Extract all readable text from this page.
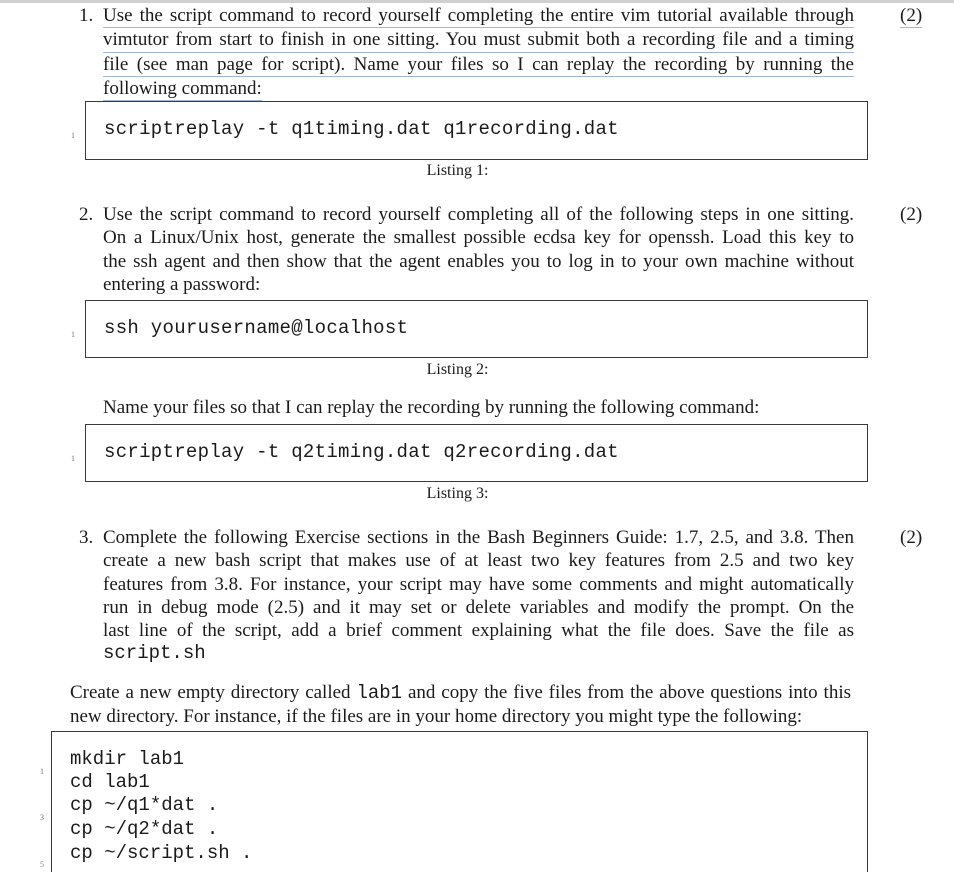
1. Use the script command to record yourself completing the entire vim tutorial available through
vimtutor from start to finish in one sitting. You must submit both a recording file and a timing
file (see man page for script). Name your files so I can replay the recording by running the
following command:
(2)
scriptreplay -t q1timing.dat q1recording.dat
1
Listing 1:
2. Use the script command to record yourself completing all of the following steps in one sitting.
On a Linux/Unix host, generate the smallest possible ecdsa key for openssh. Load this key to
the ssh agent and then show that the agent enables you to log in to your own machine without
entering a password:
(2)
ssh yourusername@localhost
1
Listing 2:
Name your files so that I can replay the recording by running the following command:
scriptreplay -t q2timing.dat q2recording.dat
1
Listing 3:
3. Complete the following Exercise sections in the Bash Beginners Guide: 1.7, 2.5, and 3.8. Then
create a new bash script that makes use of at least two key features from 2.5 and two key
features from 3.8. For instance, your script may have some comments and might automatically
run in debug mode (2.5) and it may set or delete variables and modify the prompt. On the
last line of the script, add a brief comment explaining what the file does. Save the file as
script.sh
(2)
Create a new empty directory called lab1 and copy the five files from the above questions into this
new directory. For instance, if the files are in your home directory you might type the following:
mkdir lab1
cd lab1
cp ~/q1*dat .
cp ~/q2*dat .
cp ~/script.sh .
1
3
5
